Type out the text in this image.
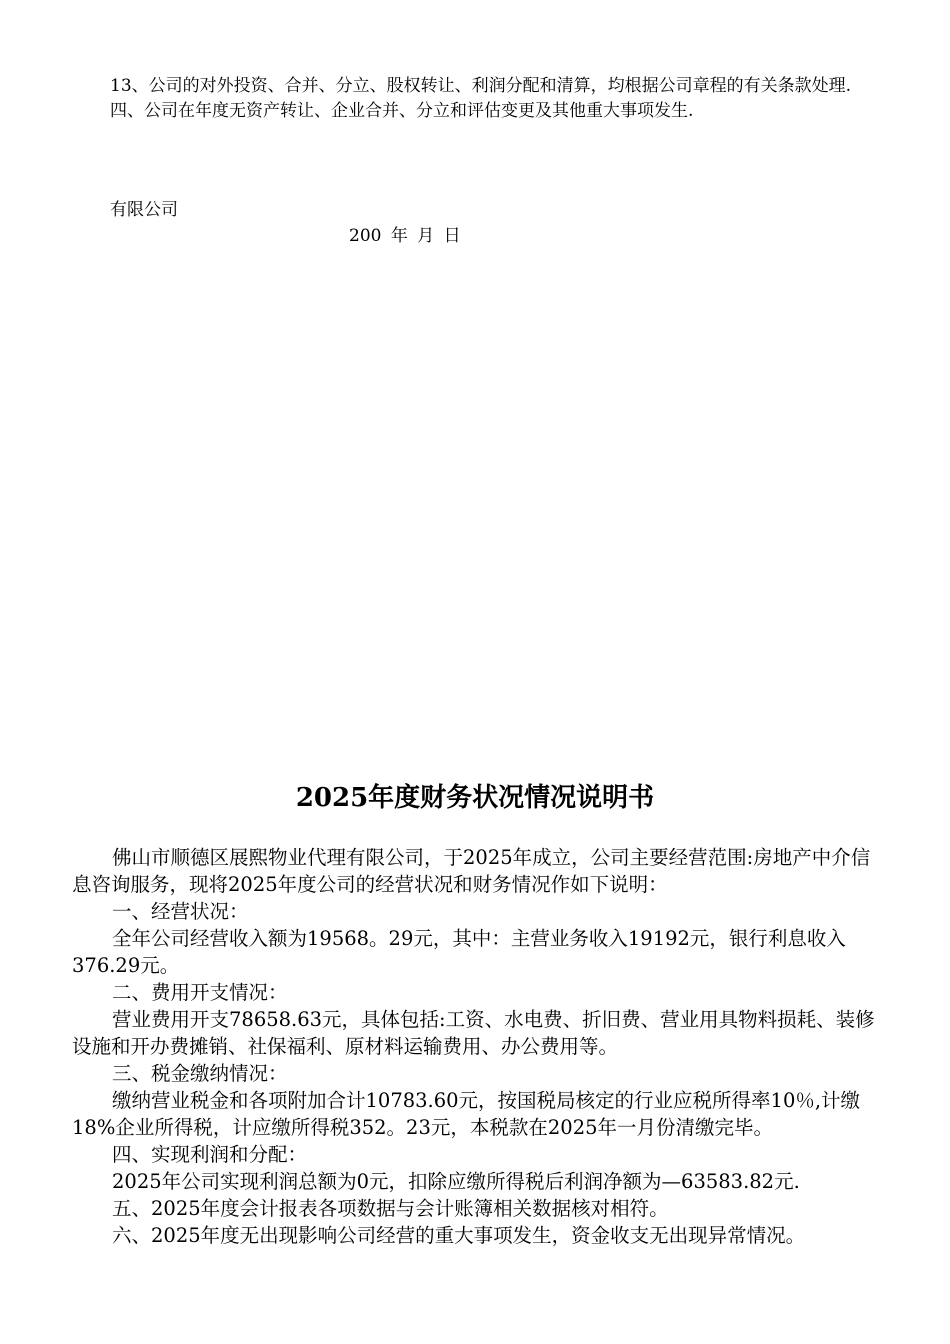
13、公司的对外投资、合并、分立、股权转让、利润分配和清算，均根据公司章程的有关条款处理.

四、公司在年度无资产转让、企业合并、分立和评估变更及其他重大事项发生.

有限公司
200 年 月 日
2025年度财务状况情况说明书

佛山市顺德区展熙物业代理有限公司，于2025年成立，公司主要经营范围:房地产中介信息咨询服务，现将2025年度公司的经营状况和财务情况作如下说明：

一、经营状况：

全年公司经营收入额为19568。29元，其中：主营业务收入19192元，银行利息收入376.29元。

二、费用开支情况：

营业费用开支78658.63元，具体包括:工资、水电费、折旧费、营业用具物料损耗、装修设施和开办费摊销、社保福利、原材料运输费用、办公费用等。

三、税金缴纳情况：

缴纳营业税金和各项附加合计10783.60元，按国税局核定的行业应税所得率10％,计缴18%企业所得税，计应缴所得税352。23元，本税款在2025年一月份清缴完毕。

四、实现利润和分配：

2025年公司实现利润总额为0元，扣除应缴所得税后利润净额为—63583.82元.

五、2025年度会计报表各项数据与会计账簿相关数据核对相符。

六、2025年度无出现影响公司经营的重大事项发生，资金收支无出现异常情况。
